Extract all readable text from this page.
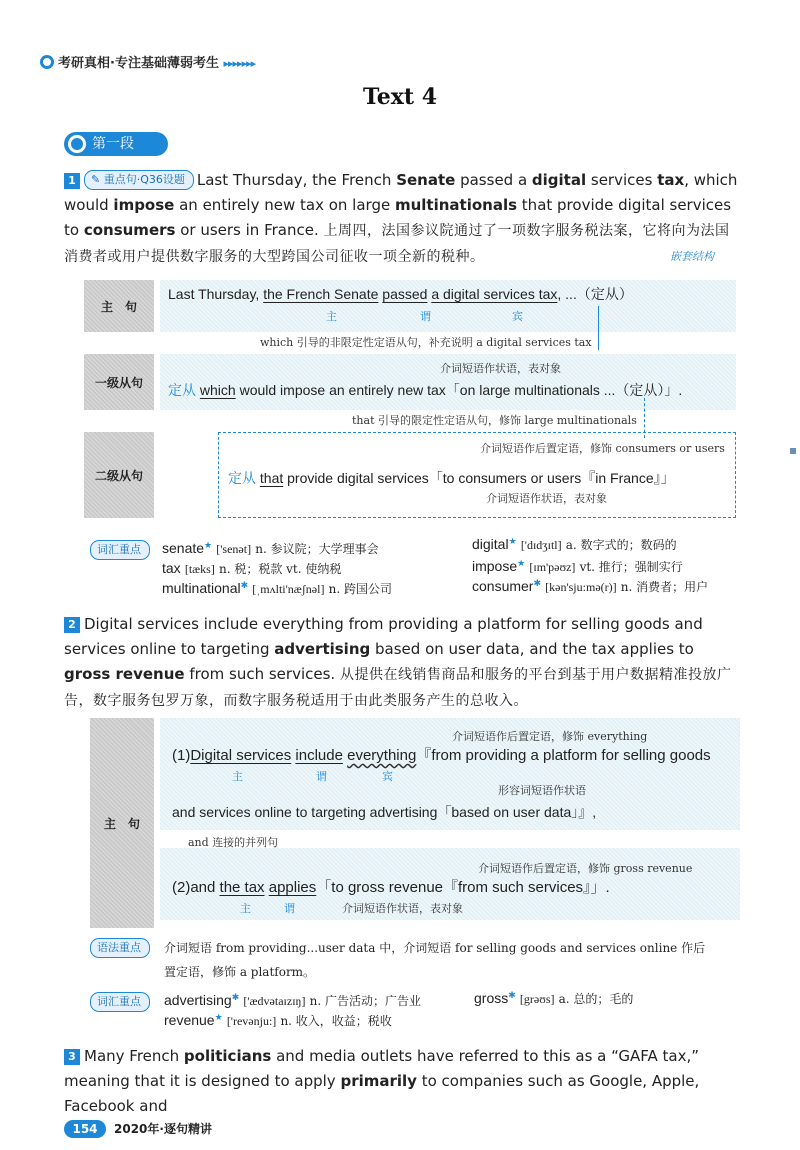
考研真相·专注基础薄弱考生 ▸▸▸▸▸▸▸
Text 4
第一段
1 ✎ 重点句·Q36设题 Last Thursday, the French Senate passed a digital services tax, which would impose an entirely new tax on large multinationals that provide digital services to consumers or users in France. 上周四，法国参议院通过了一项数字服务税法案，它将向为法国消费者或用户提供数字服务的大型跨国公司征收一项全新的税种。	嵌套结构
主　句
Last Thursday, the French Senate passed a digital services tax, ...（定从）
主	谓	宾
which 引导的非限定性定语从句，补充说明 a digital services tax
一级从句
介词短语作状语，表对象
定从 which would impose an entirely new tax「on large multinationals ...（定从）」.
that 引导的限定性定语从句，修饰 large multinationals
二级从句
介词短语作后置定语，修饰 consumers or users
定从 that provide digital services「to consumers or users『in France』」
介词短语作状语，表对象
词汇重点	senate★ ['senət] n. 参议院；大学理事会	digital★ ['dɪdʒɪtl] a. 数字式的；数码的
tax [tæks] n. 税；税款 vt. 使纳税	impose★ [ɪm'pəʊz] vt. 推行；强制实行
multinational✱ [ˌmʌlti'næʃnəl] n. 跨国公司	consumer✱ [kən'sju:mə(r)] n. 消费者；用户
2 Digital services include everything from providing a platform for selling goods and services online to targeting advertising based on user data, and the tax applies to gross revenue from such services. 从提供在线销售商品和服务的平台到基于用户数据精准投放广告，数字服务包罗万象，而数字服务税适用于由此类服务产生的总收入。
主　句
介词短语作后置定语，修饰 everything
(1)Digital services include everything『from providing a platform for selling goods
主	谓	宾
形容词短语作状语
and services online to targeting advertising「based on user data」』,
and 连接的并列句
介词短语作后置定语，修饰 gross revenue
(2)and the tax applies「to gross revenue『from such services』」.
主	谓	介词短语作状语，表对象
语法重点	介词短语 from providing...user data 中，介词短语 for selling goods and services online 作后
置定语，修饰 a platform。
词汇重点	advertising✱ ['ædvətaɪzɪŋ] n. 广告活动；广告业	gross✱ [grəʊs] a. 总的；毛的
revenue★ ['revənju:] n. 收入，收益；税收
3 Many French politicians and media outlets have referred to this as a “GAFA tax,” meaning that it is designed to apply primarily to companies such as Google, Apple, Facebook and
154	2020年·逐句精讲
